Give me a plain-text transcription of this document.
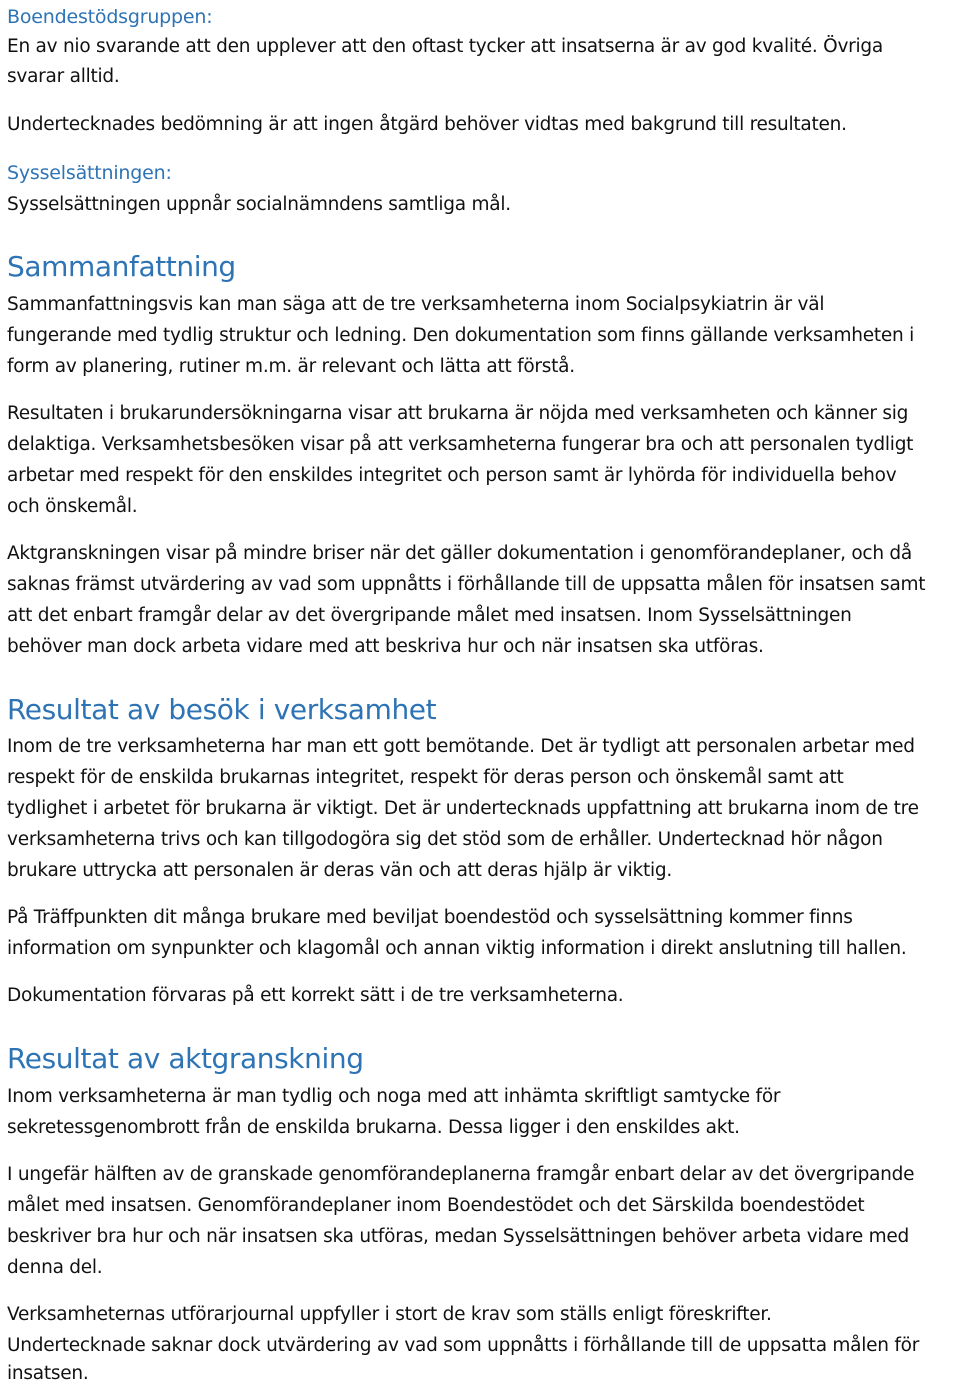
Boendestödsgruppen:
En av nio svarande att den upplever att den oftast tycker att insatserna är av god kvalité. Övriga
svarar alltid.
Undertecknades bedömning är att ingen åtgärd behöver vidtas med bakgrund till resultaten.
Sysselsättningen:
Sysselsättningen uppnår socialnämndens samtliga mål.
Sammanfattning
Sammanfattningsvis kan man säga att de tre verksamheterna inom Socialpsykiatrin är väl
fungerande med tydlig struktur och ledning. Den dokumentation som finns gällande verksamheten i
form av planering, rutiner m.m. är relevant och lätta att förstå.
Resultaten i brukarundersökningarna visar att brukarna är nöjda med verksamheten och känner sig
delaktiga. Verksamhetsbesöken visar på att verksamheterna fungerar bra och att personalen tydligt
arbetar med respekt för den enskildes integritet och person samt är lyhörda för individuella behov
och önskemål.
Aktgranskningen visar på mindre briser när det gäller dokumentation i genomförandeplaner, och då
saknas främst utvärdering av vad som uppnåtts i förhållande till de uppsatta målen för insatsen samt
att det enbart framgår delar av det övergripande målet med insatsen. Inom Sysselsättningen
behöver man dock arbeta vidare med att beskriva hur och när insatsen ska utföras.
Resultat av besök i verksamhet
Inom de tre verksamheterna har man ett gott bemötande. Det är tydligt att personalen arbetar med
respekt för de enskilda brukarnas integritet, respekt för deras person och önskemål samt att
tydlighet i arbetet för brukarna är viktigt. Det är undertecknads uppfattning att brukarna inom de tre
verksamheterna trivs och kan tillgodogöra sig det stöd som de erhåller. Undertecknad hör någon
brukare uttrycka att personalen är deras vän och att deras hjälp är viktig.
På Träffpunkten dit många brukare med beviljat boendestöd och sysselsättning kommer finns
information om synpunkter och klagomål och annan viktig information i direkt anslutning till hallen.
Dokumentation förvaras på ett korrekt sätt i de tre verksamheterna.
Resultat av aktgranskning
Inom verksamheterna är man tydlig och noga med att inhämta skriftligt samtycke för
sekretessgenombrott från de enskilda brukarna. Dessa ligger i den enskildes akt.
I ungefär hälften av de granskade genomförandeplanerna framgår enbart delar av det övergripande
målet med insatsen. Genomförandeplaner inom Boendestödet och det Särskilda boendestödet
beskriver bra hur och när insatsen ska utföras, medan Sysselsättningen behöver arbeta vidare med
denna del.
Verksamheternas utförarjournal uppfyller i stort de krav som ställs enligt föreskrifter.
Undertecknade saknar dock utvärdering av vad som uppnåtts i förhållande till de uppsatta målen för
insatsen.
